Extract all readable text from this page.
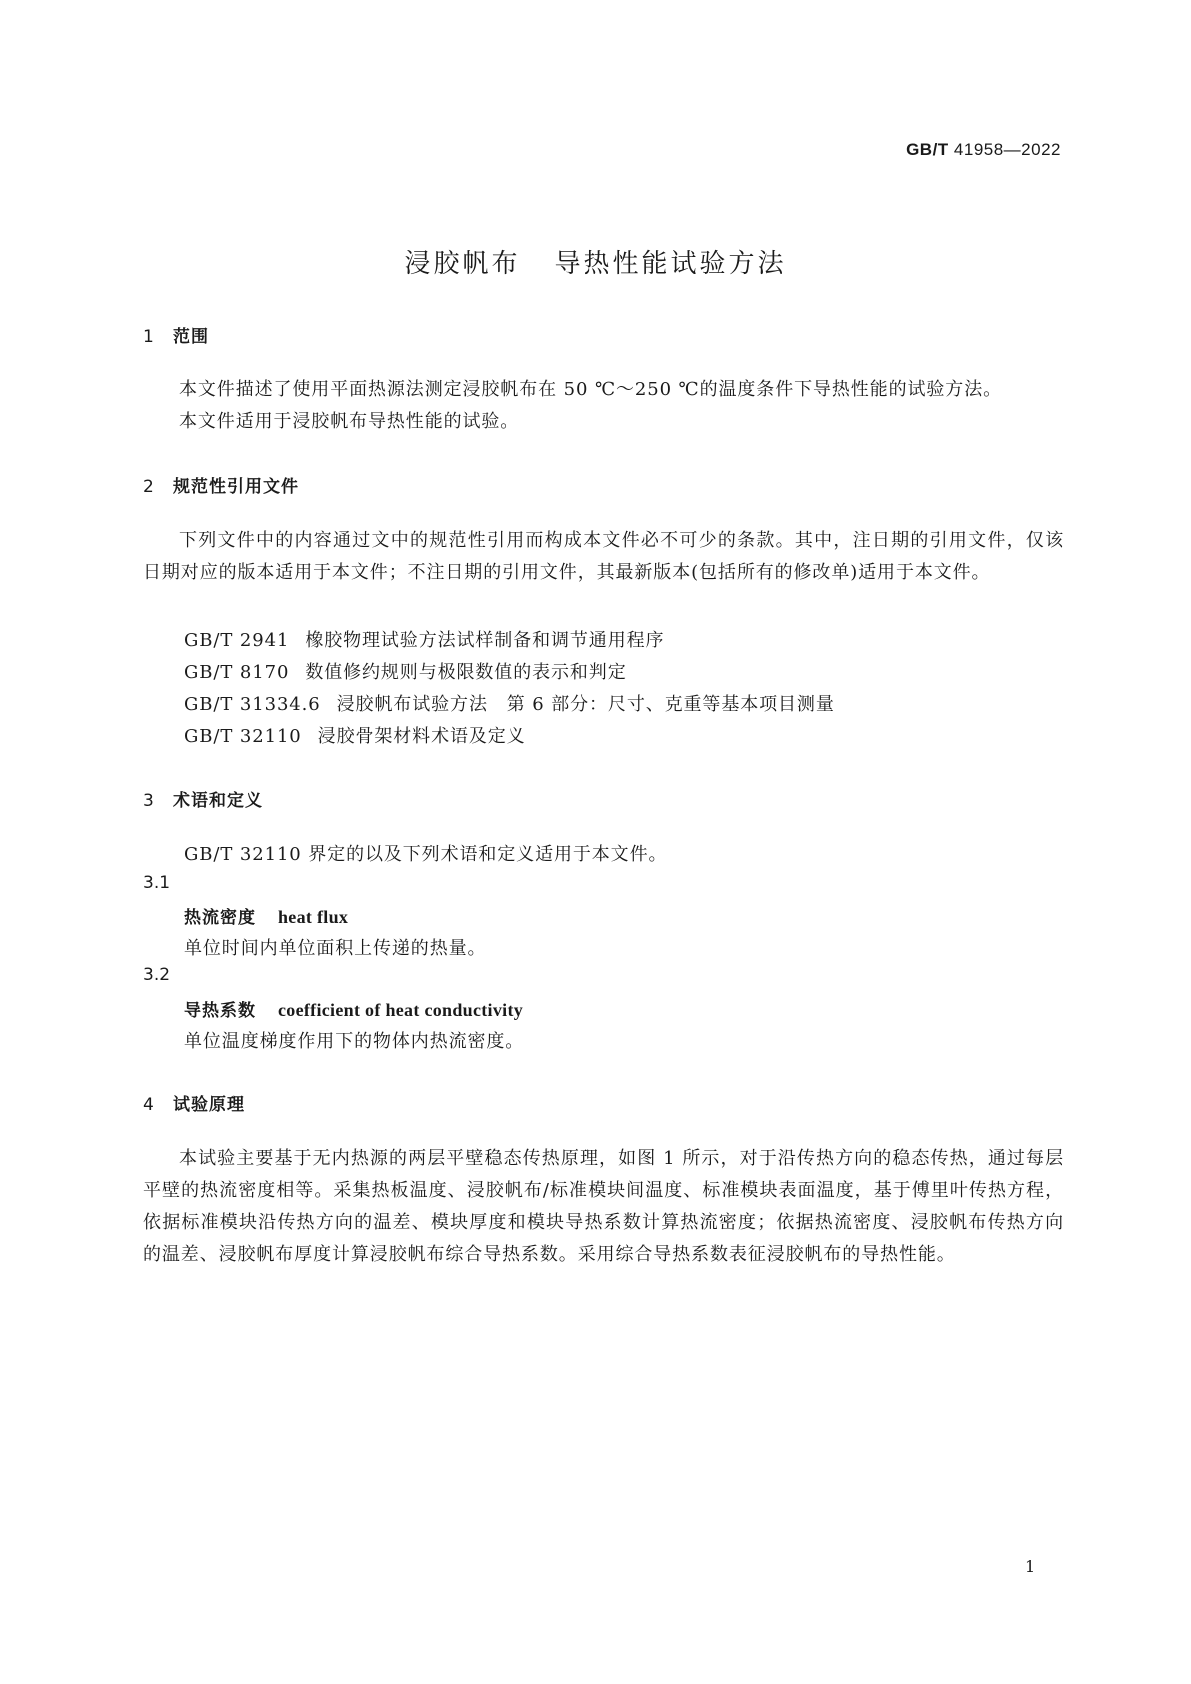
GB/T 41958—2022
浸胶帆布 导热性能试验方法
1 范围

本文件描述了使用平面热源法测定浸胶帆布在 50 ℃～250 ℃的温度条件下导热性能的试验方法。

本文件适用于浸胶帆布导热性能的试验。

2 规范性引用文件

下列文件中的内容通过文中的规范性引用而构成本文件必不可少的条款。其中，注日期的引用文件，仅该日期对应的版本适用于本文件；不注日期的引用文件，其最新版本(包括所有的修改单)适用于本文件。

GB/T 2941 橡胶物理试验方法试样制备和调节通用程序
GB/T 8170 数值修约规则与极限数值的表示和判定
GB/T 31334.6 浸胶帆布试验方法　第 6 部分：尺寸、克重等基本项目测量
GB/T 32110 浸胶骨架材料术语及定义
3 术语和定义
GB/T 32110 界定的以及下列术语和定义适用于本文件。
3.1
热流密度 heat flux
单位时间内单位面积上传递的热量。
3.2
导热系数 coefficient of heat conductivity
单位温度梯度作用下的物体内热流密度。
4 试验原理

本试验主要基于无内热源的两层平壁稳态传热原理，如图 1 所示，对于沿传热方向的稳态传热，通过每层平壁的热流密度相等。采集热板温度、浸胶帆布/标准模块间温度、标准模块表面温度，基于傅里叶传热方程，依据标准模块沿传热方向的温差、模块厚度和模块导热系数计算热流密度；依据热流密度、浸胶帆布传热方向的温差、浸胶帆布厚度计算浸胶帆布综合导热系数。采用综合导热系数表征浸胶帆布的导热性能。

1
